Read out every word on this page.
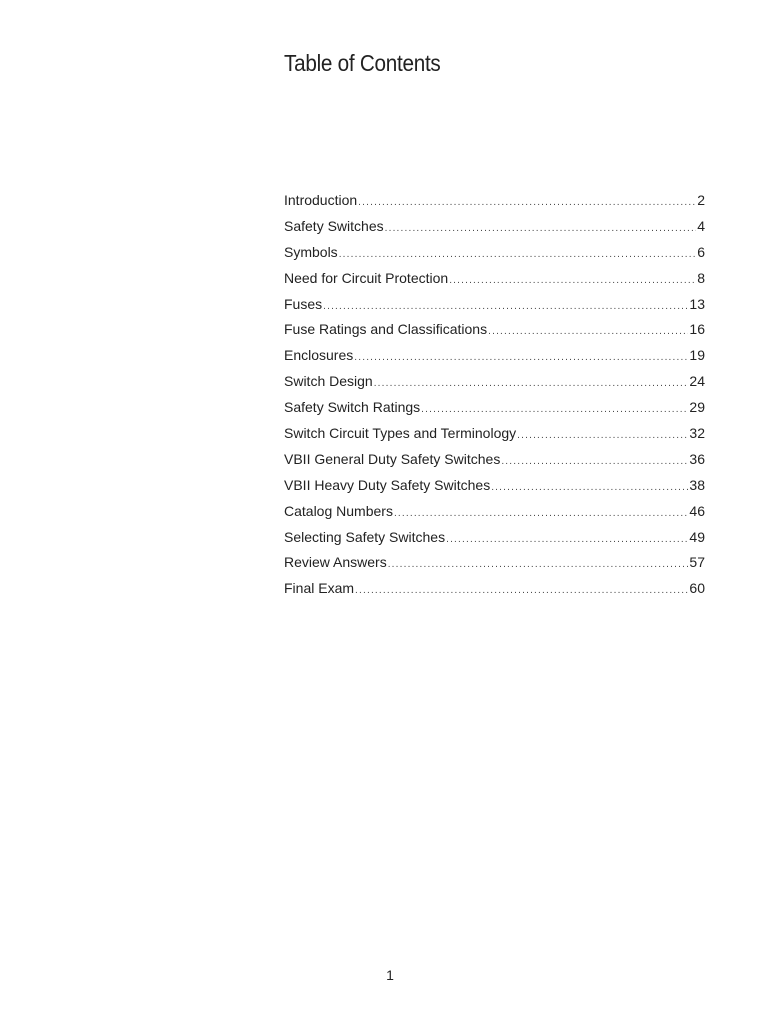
Table of Contents
Introduction .....	2
Safety Switches .....	4
Symbols .....	6
Need for Circuit Protection .....	8
Fuses .....	13
Fuse Ratings and Classifications .....	16
Enclosures .....	19
Switch Design .....	24
Safety Switch Ratings .....	29
Switch Circuit Types and Terminology .....	32
VBII General Duty Safety Switches .....	36
VBII Heavy Duty Safety Switches .....	38
Catalog Numbers .....	46
Selecting Safety Switches .....	49
Review Answers .....	57
Final Exam .....	60
1
